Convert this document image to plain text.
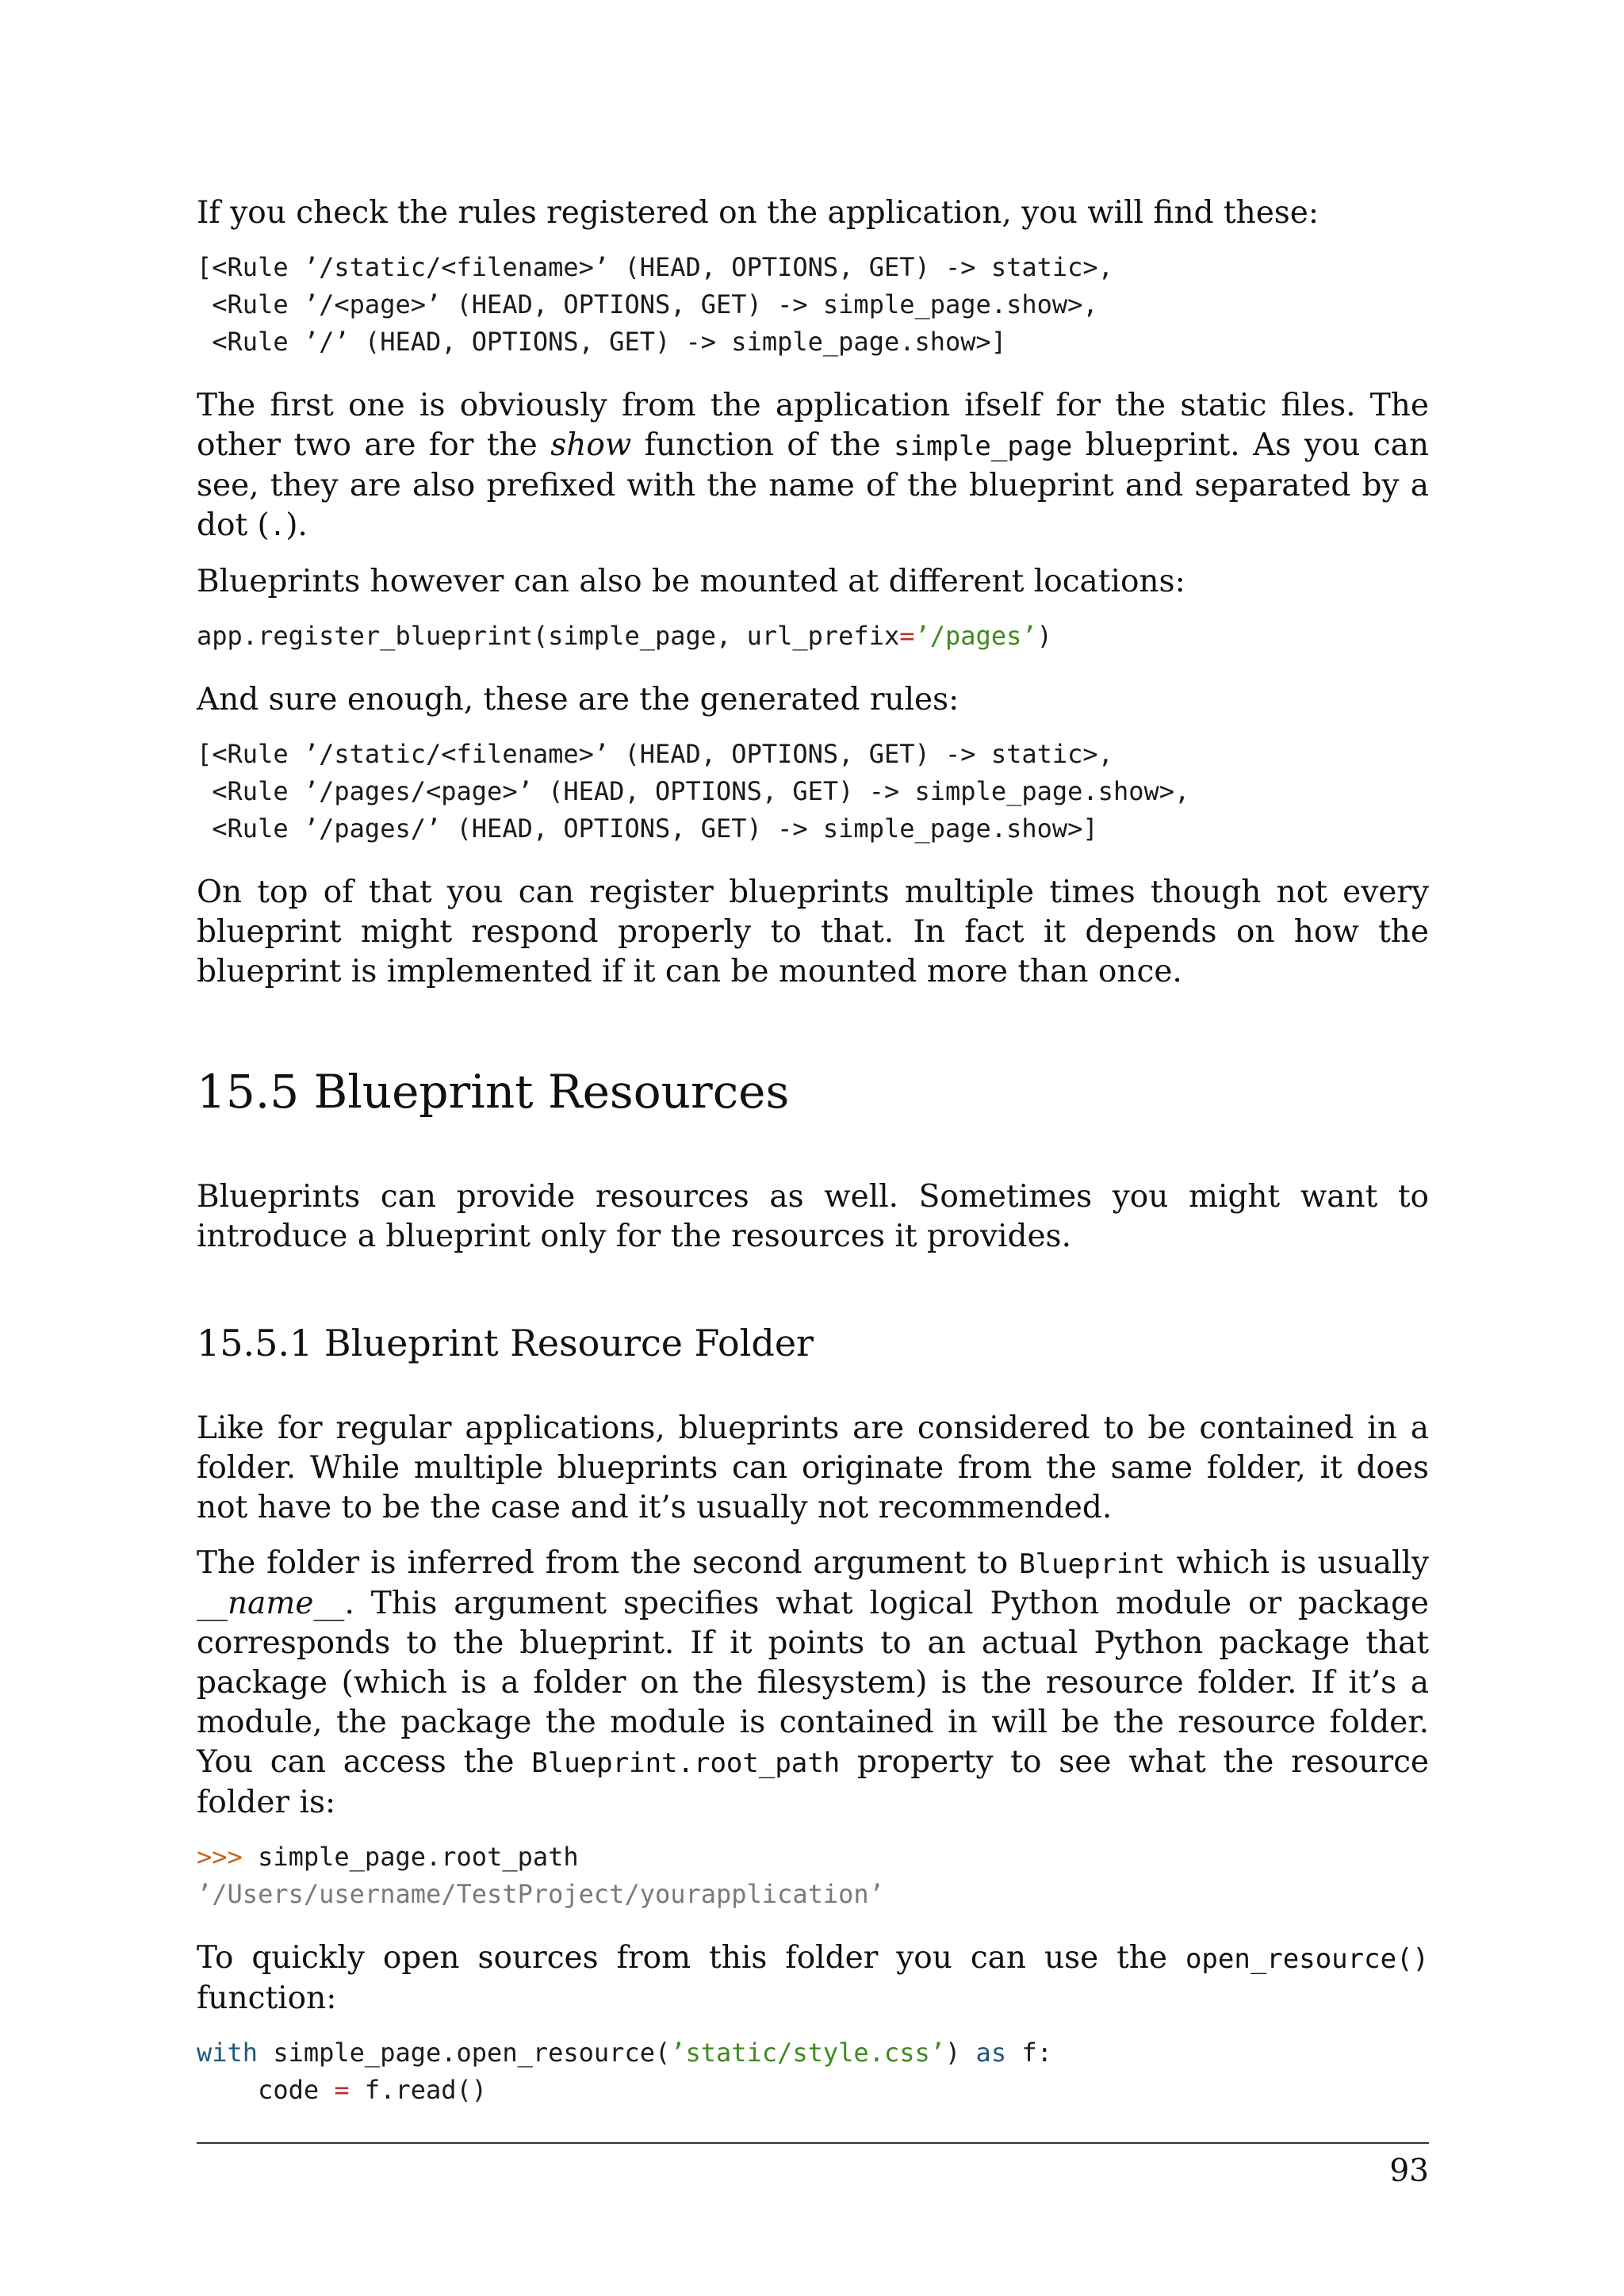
If you check the rules registered on the application, you will find these:

[<Rule ’/static/<filename>’ (HEAD, OPTIONS, GET) -> static>,
<Rule ’/<page>’ (HEAD, OPTIONS, GET) -> simple_page.show>,
<Rule ’/’ (HEAD, OPTIONS, GET) -> simple_page.show>]

The first one is obviously from the application ifself for the static files. The other two are for the show function of the simple_page blueprint. As you can see, they are also prefixed with the name of the blueprint and separated by a dot (.).

Blueprints however can also be mounted at different locations:

app.register_blueprint(simple_page, url_prefix=’/pages’)

And sure enough, these are the generated rules:

[<Rule ’/static/<filename>’ (HEAD, OPTIONS, GET) -> static>,
<Rule ’/pages/<page>’ (HEAD, OPTIONS, GET) -> simple_page.show>,
<Rule ’/pages/’ (HEAD, OPTIONS, GET) -> simple_page.show>]

On top of that you can register blueprints multiple times though not every blueprint might respond properly to that. In fact it depends on how the blueprint is implemented if it can be mounted more than once.

15.5 Blueprint Resources

Blueprints can provide resources as well. Sometimes you might want to introduce a blueprint only for the resources it provides.

15.5.1 Blueprint Resource Folder

Like for regular applications, blueprints are considered to be contained in a folder. While multiple blueprints can originate from the same folder, it does not have to be the case and it’s usually not recommended.

The folder is inferred from the second argument to Blueprint which is usually __name__. This argument specifies what logical Python module or package corresponds to the blueprint. If it points to an actual Python package that package (which is a folder on the filesystem) is the resource folder. If it’s a module, the package the module is contained in will be the resource folder. You can access the Blueprint.root_path property to see what the resource folder is:

>>> simple_page.root_path
’/Users/username/TestProject/yourapplication’

To quickly open sources from this folder you can use the open_resource() function:

with simple_page.open_resource(’static/style.css’) as f:
code = f.read()
93
